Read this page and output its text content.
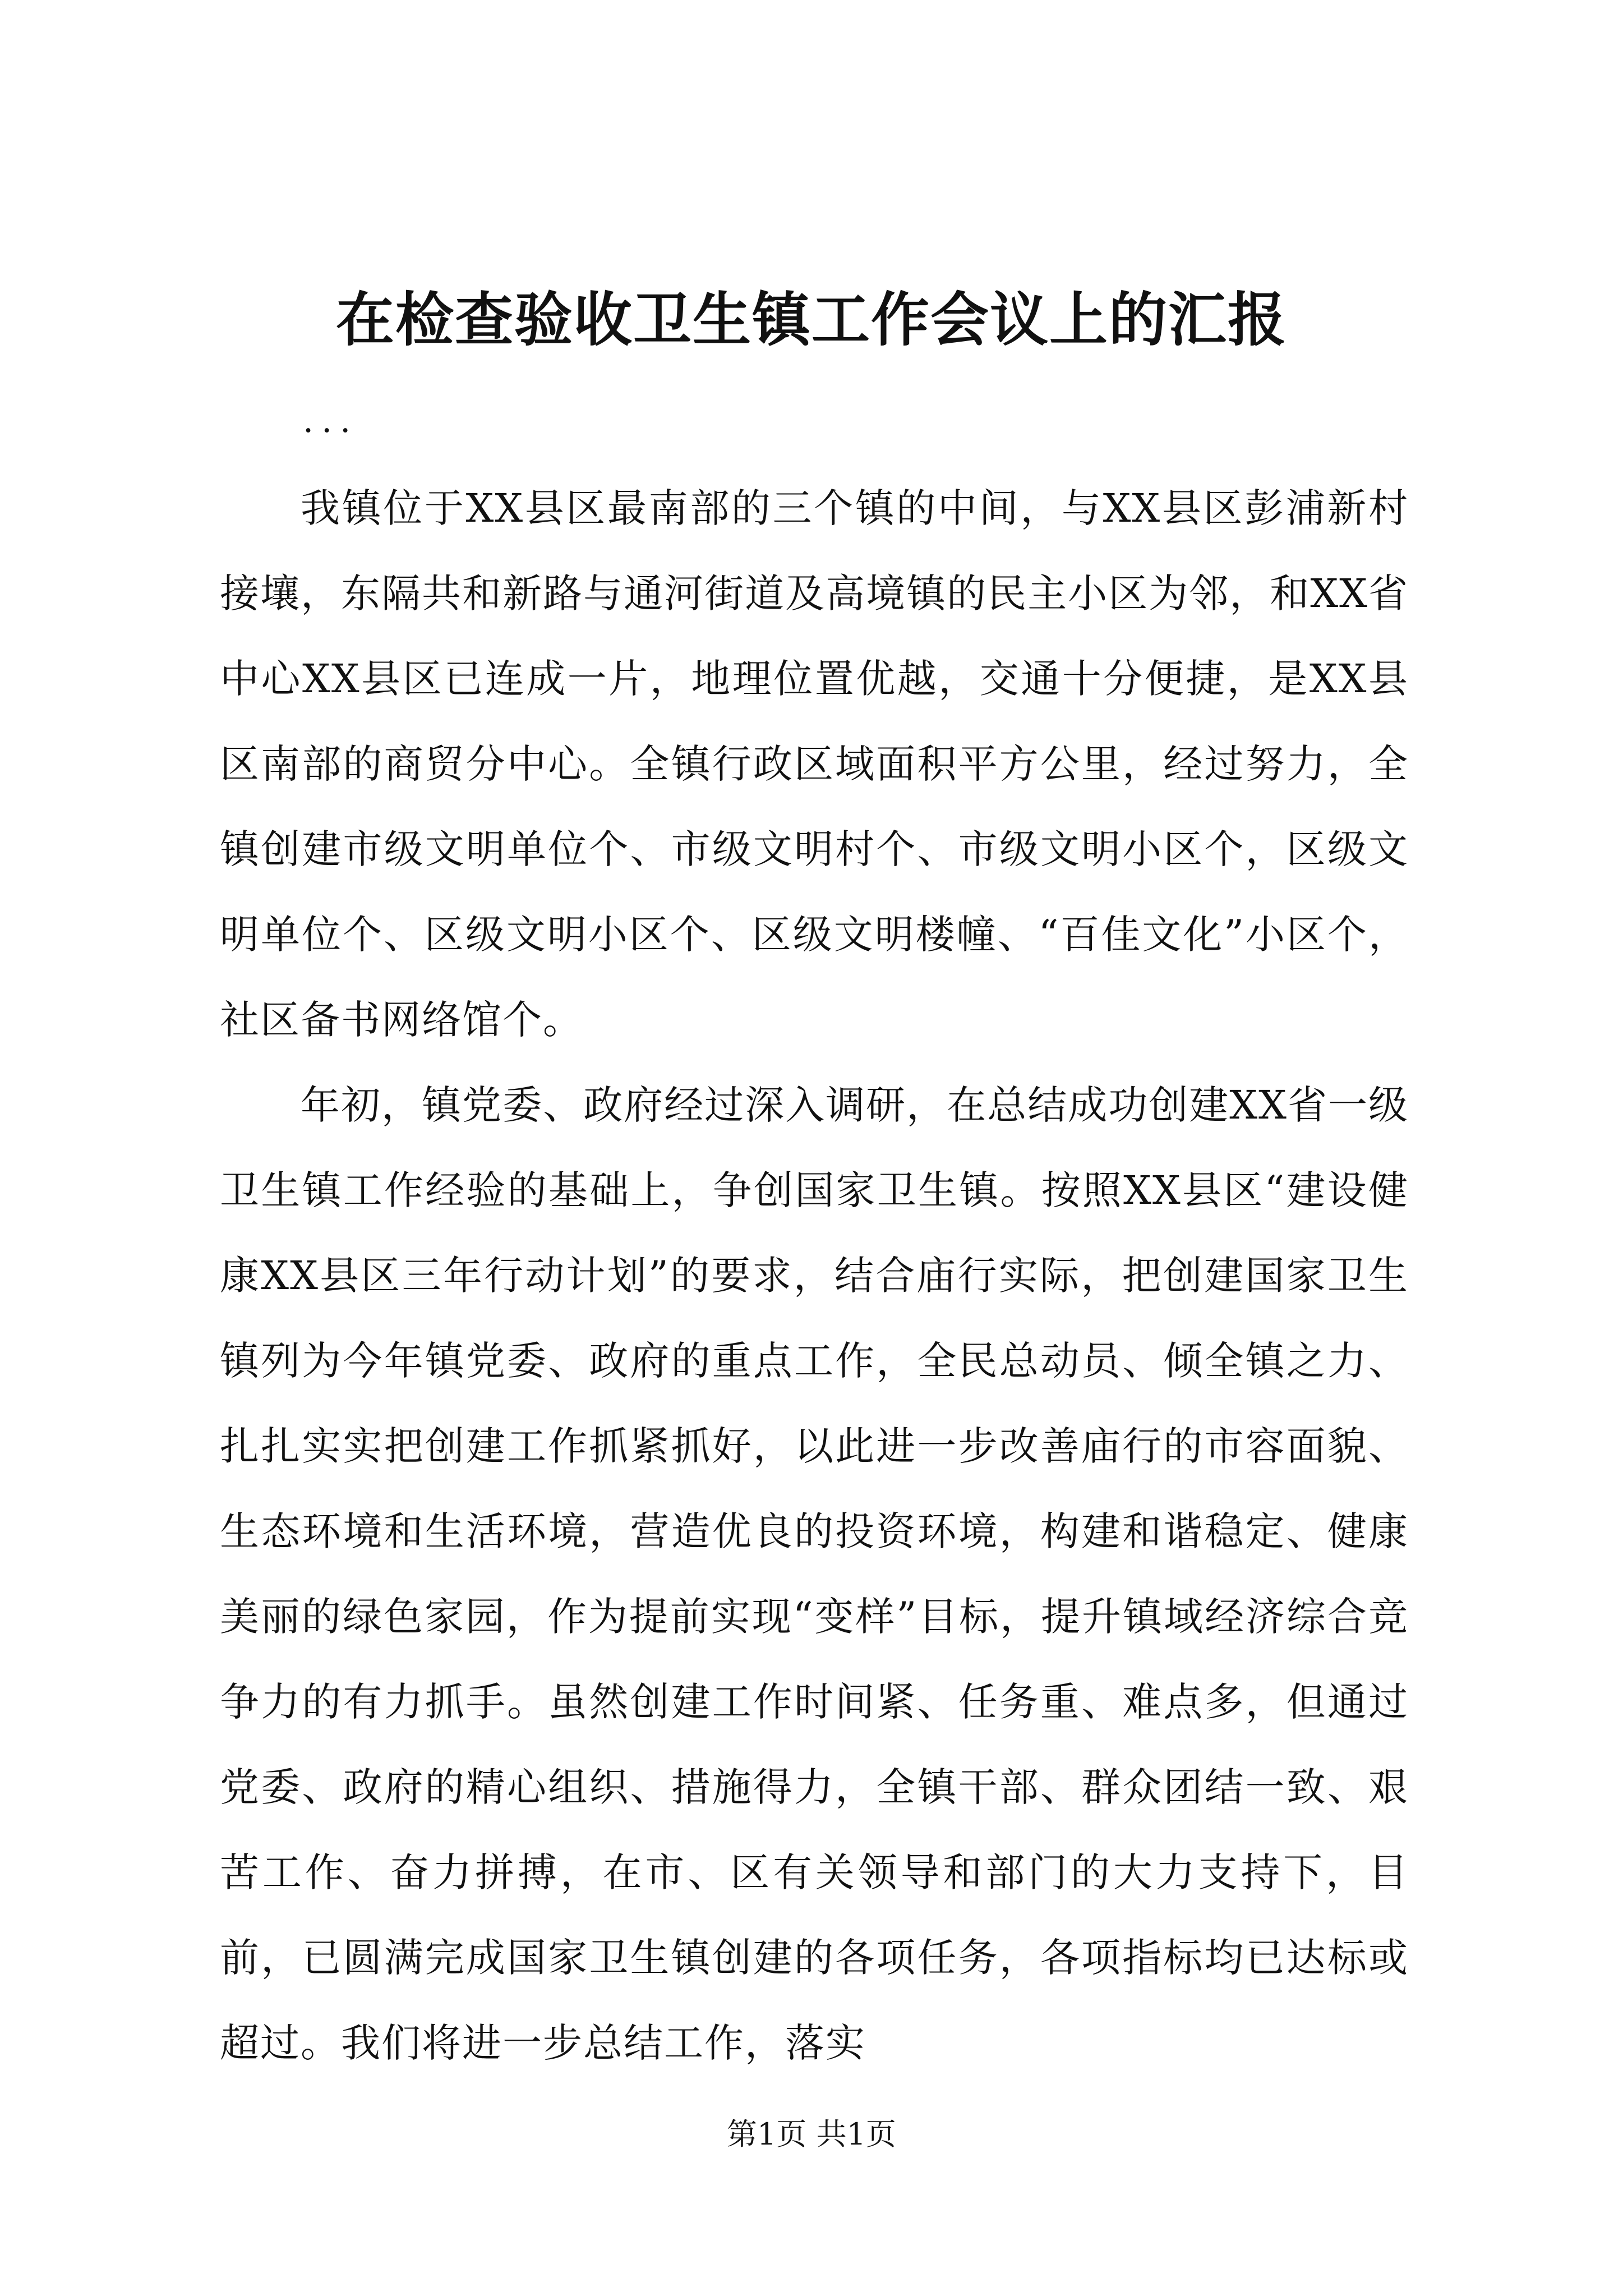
在检查验收卫生镇工作会议上的汇报
...

我镇位于XX县区最南部的三个镇的中间，与XX县区彭浦新村接壤，东隔共和新路与通河街道及高境镇的民主小区为邻，和XX省中心XX县区已连成一片，地理位置优越，交通十分便捷，是XX县区南部的商贸分中心。全镇行政区域面积平方公里，经过努力，全镇创建市级文明单位个、市级文明村个、市级文明小区个，区级文明单位个、区级文明小区个、区级文明楼幢、“百佳文化”小区个，社区备书网络馆个。

年初，镇党委、政府经过深入调研，在总结成功创建XX省一级卫生镇工作经验的基础上，争创国家卫生镇。按照XX县区“建设健康XX县区三年行动计划”的要求，结合庙行实际，把创建国家卫生镇列为今年镇党委、政府的重点工作，全民总动员、倾全镇之力、扎扎实实把创建工作抓紧抓好，以此进一步改善庙行的市容面貌、生态环境和生活环境，营造优良的投资环境，构建和谐稳定、健康美丽的绿色家园，作为提前实现“变样”目标，提升镇域经济综合竞争力的有力抓手。虽然创建工作时间紧、任务重、难点多，但通过党委、政府的精心组织、措施得力，全镇干部、群众团结一致、艰苦工作、奋力拼搏，在市、区有关领导和部门的大力支持下，目前，已圆满完成国家卫生镇创建的各项任务，各项指标均已达标或超过。我们将进一步总结工作，落实

第1页 共1页
